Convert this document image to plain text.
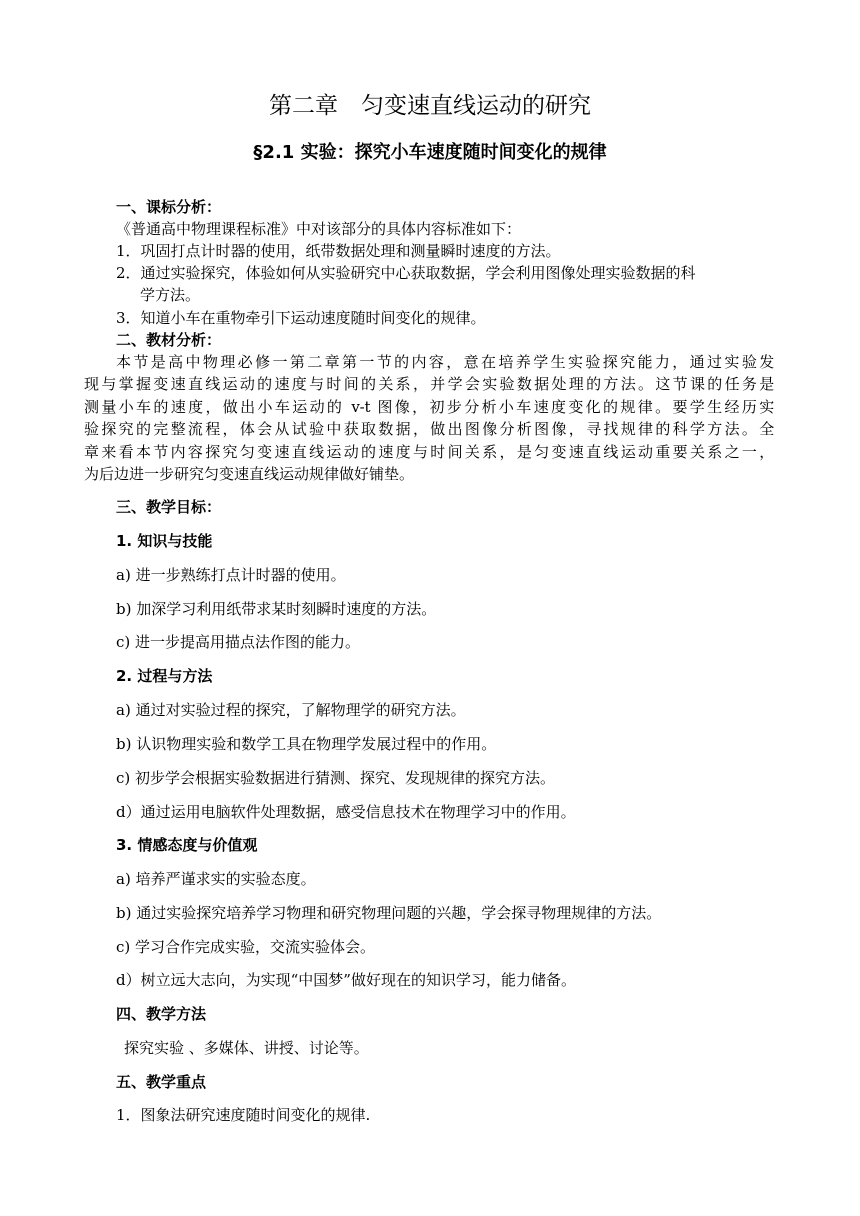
第二章　匀变速直线运动的研究
§2.1 实验：探究小车速度随时间变化的规律
一、课标分析：
《普通高中物理课程标准》中对该部分的具体内容标准如下：
1．巩固打点计时器的使用，纸带数据处理和测量瞬时速度的方法。
2．通过实验探究，体验如何从实验研究中心获取数据，学会利用图像处理实验数据的科
学方法。
3．知道小车在重物牵引下运动速度随时间变化的规律。
二、教材分析：
本节是高中物理必修一第二章第一节的内容，意在培养学生实验探究能力，通过实验发
现与掌握变速直线运动的速度与时间的关系，并学会实验数据处理的方法。这节课的任务是
测量小车的速度，做出小车运动的 v-t 图像，初步分析小车速度变化的规律。要学生经历实
验探究的完整流程，体会从试验中获取数据，做出图像分析图像，寻找规律的科学方法。全
章来看本节内容探究匀变速直线运动的速度与时间关系，是匀变速直线运动重要关系之一，
为后边进一步研究匀变速直线运动规律做好铺垫。
三、教学目标：
1. 知识与技能
a) 进一步熟练打点计时器的使用。
b) 加深学习利用纸带求某时刻瞬时速度的方法。
c) 进一步提高用描点法作图的能力。
2. 过程与方法
a) 通过对实验过程的探究，了解物理学的研究方法。
b) 认识物理实验和数学工具在物理学发展过程中的作用。
c) 初步学会根据实验数据进行猜测、探究、发现规律的探究方法。
d）通过运用电脑软件处理数据，感受信息技术在物理学习中的作用。
3. 情感态度与价值观
a) 培养严谨求实的实验态度。
b) 通过实验探究培养学习物理和研究物理问题的兴趣，学会探寻物理规律的方法。
c) 学习合作完成实验，交流实验体会。
d）树立远大志向，为实现“中国梦”做好现在的知识学习，能力储备。
四、教学方法
探究实验 、多媒体、讲授、讨论等。
五、教学重点
1．图象法研究速度随时间变化的规律.
